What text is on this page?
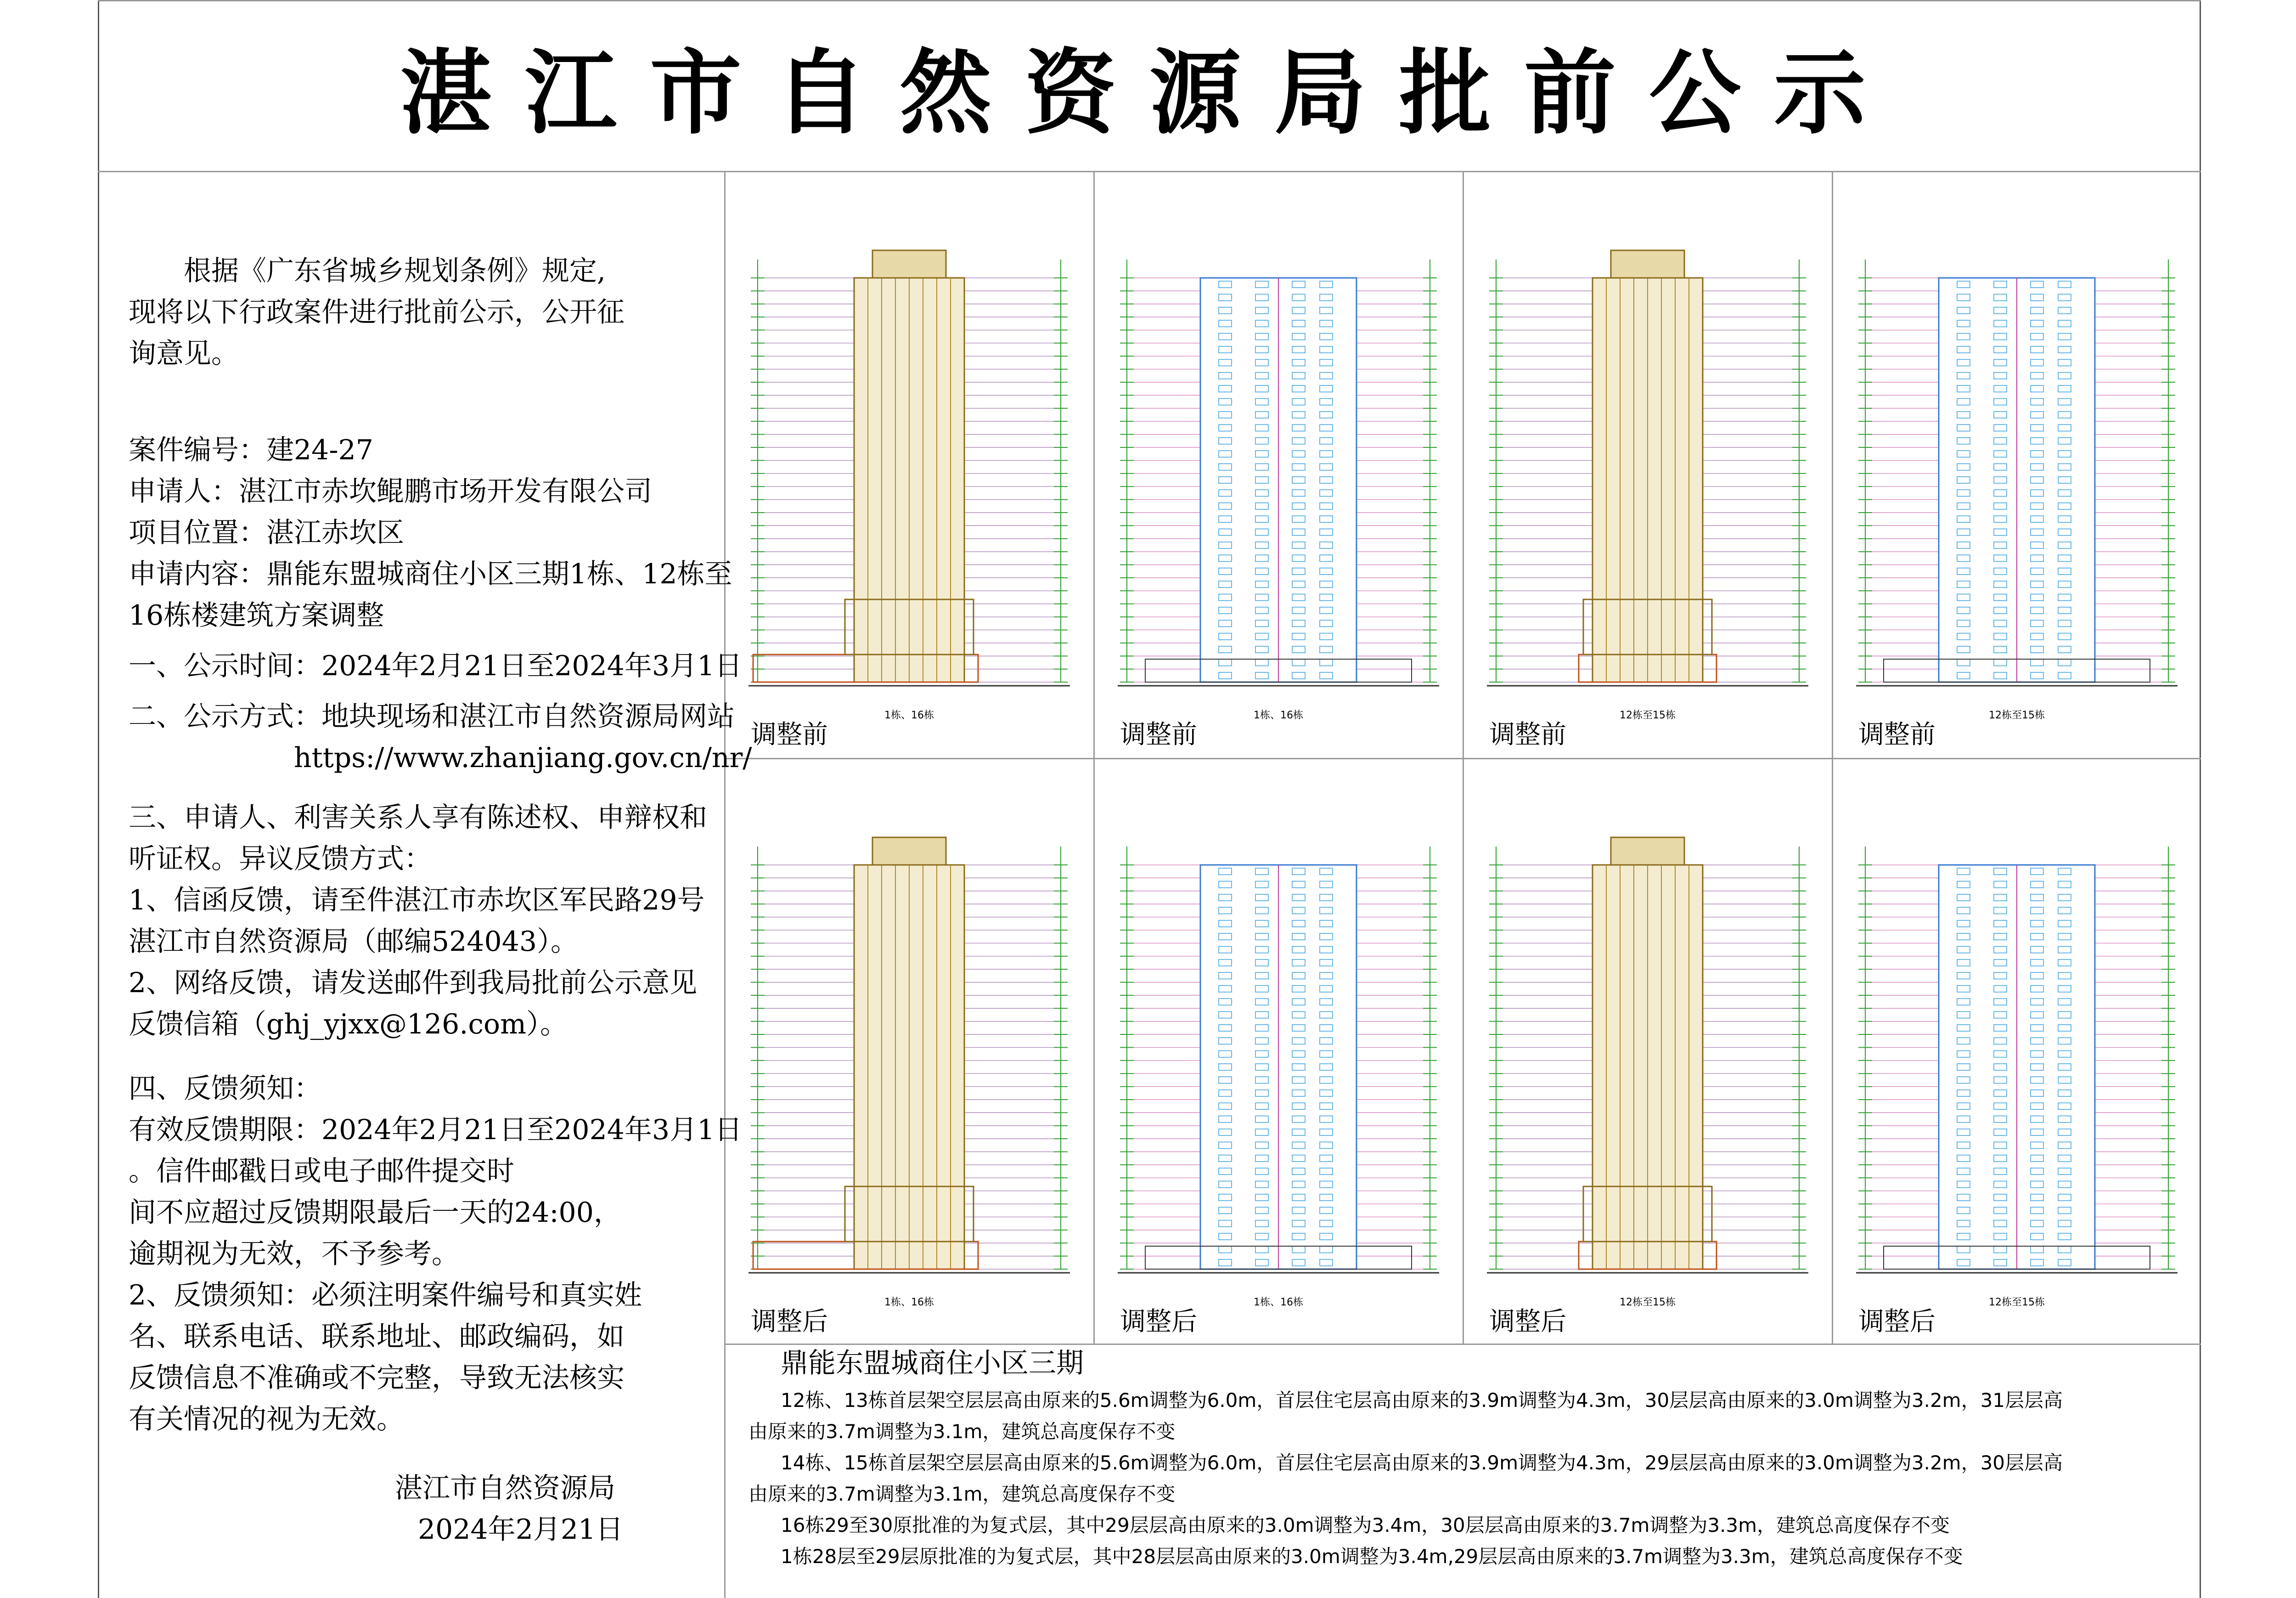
湛江市自然资源局批前公示

根据《广东省城乡规划条例》规定,

现将以下行政案件进行批前公示，公开征

询意见。

案件编号：建24-27

申请人：湛江市赤坎鲲鹏市场开发有限公司

项目位置：湛江赤坎区

申请内容：鼎能东盟城商住小区三期1栋、12栋至

16栋楼建筑方案调整

一、公示时间：2024年2月21日至2024年3月1日

二、公示方式：地块现场和湛江市自然资源局网站

https://www.zhanjiang.gov.cn/nr/

三、申请人、利害关系人享有陈述权、申辩权和

听证权。异议反馈方式：

1、信函反馈，请至件湛江市赤坎区军民路29号

湛江市自然资源局（邮编524043）。

2、网络反馈，请发送邮件到我局批前公示意见

反馈信箱（ghj_yjxx@126.com）。

四、反馈须知：

有效反馈期限：2024年2月21日至2024年3月1日

。信件邮戳日或电子邮件提交时

间不应超过反馈期限最后一天的24:00，

逾期视为无效，不予参考。

2、反馈须知：必须注明案件编号和真实姓

名、联系电话、联系地址、邮政编码，如

反馈信息不准确或不完整，导致无法核实

有关情况的视为无效。

湛江市自然资源局

2024年2月21日

1栋、16栋
调整前
1栋、16栋
调整前
12栋至15栋
调整前
12栋至15栋
调整前
1栋、16栋
调整后
1栋、16栋
调整后
12栋至15栋
调整后
12栋至15栋
调整后
鼎能东盟城商住小区三期

12栋、13栋首层架空层层高由原来的5.6m调整为6.0m，首层住宅层高由原来的3.9m调整为4.3m，30层层高由原来的3.0m调整为3.2m，31层层高

由原来的3.7m调整为3.1m，建筑总高度保存不变

14栋、15栋首层架空层层高由原来的5.6m调整为6.0m，首层住宅层高由原来的3.9m调整为4.3m，29层层高由原来的3.0m调整为3.2m，30层层高

由原来的3.7m调整为3.1m，建筑总高度保存不变

16栋29至30原批准的为复式层，其中29层层高由原来的3.0m调整为3.4m，30层层高由原来的3.7m调整为3.3m，建筑总高度保存不变

1栋28层至29层原批准的为复式层，其中28层层高由原来的3.0m调整为3.4m,29层层高由原来的3.7m调整为3.3m，建筑总高度保存不变
